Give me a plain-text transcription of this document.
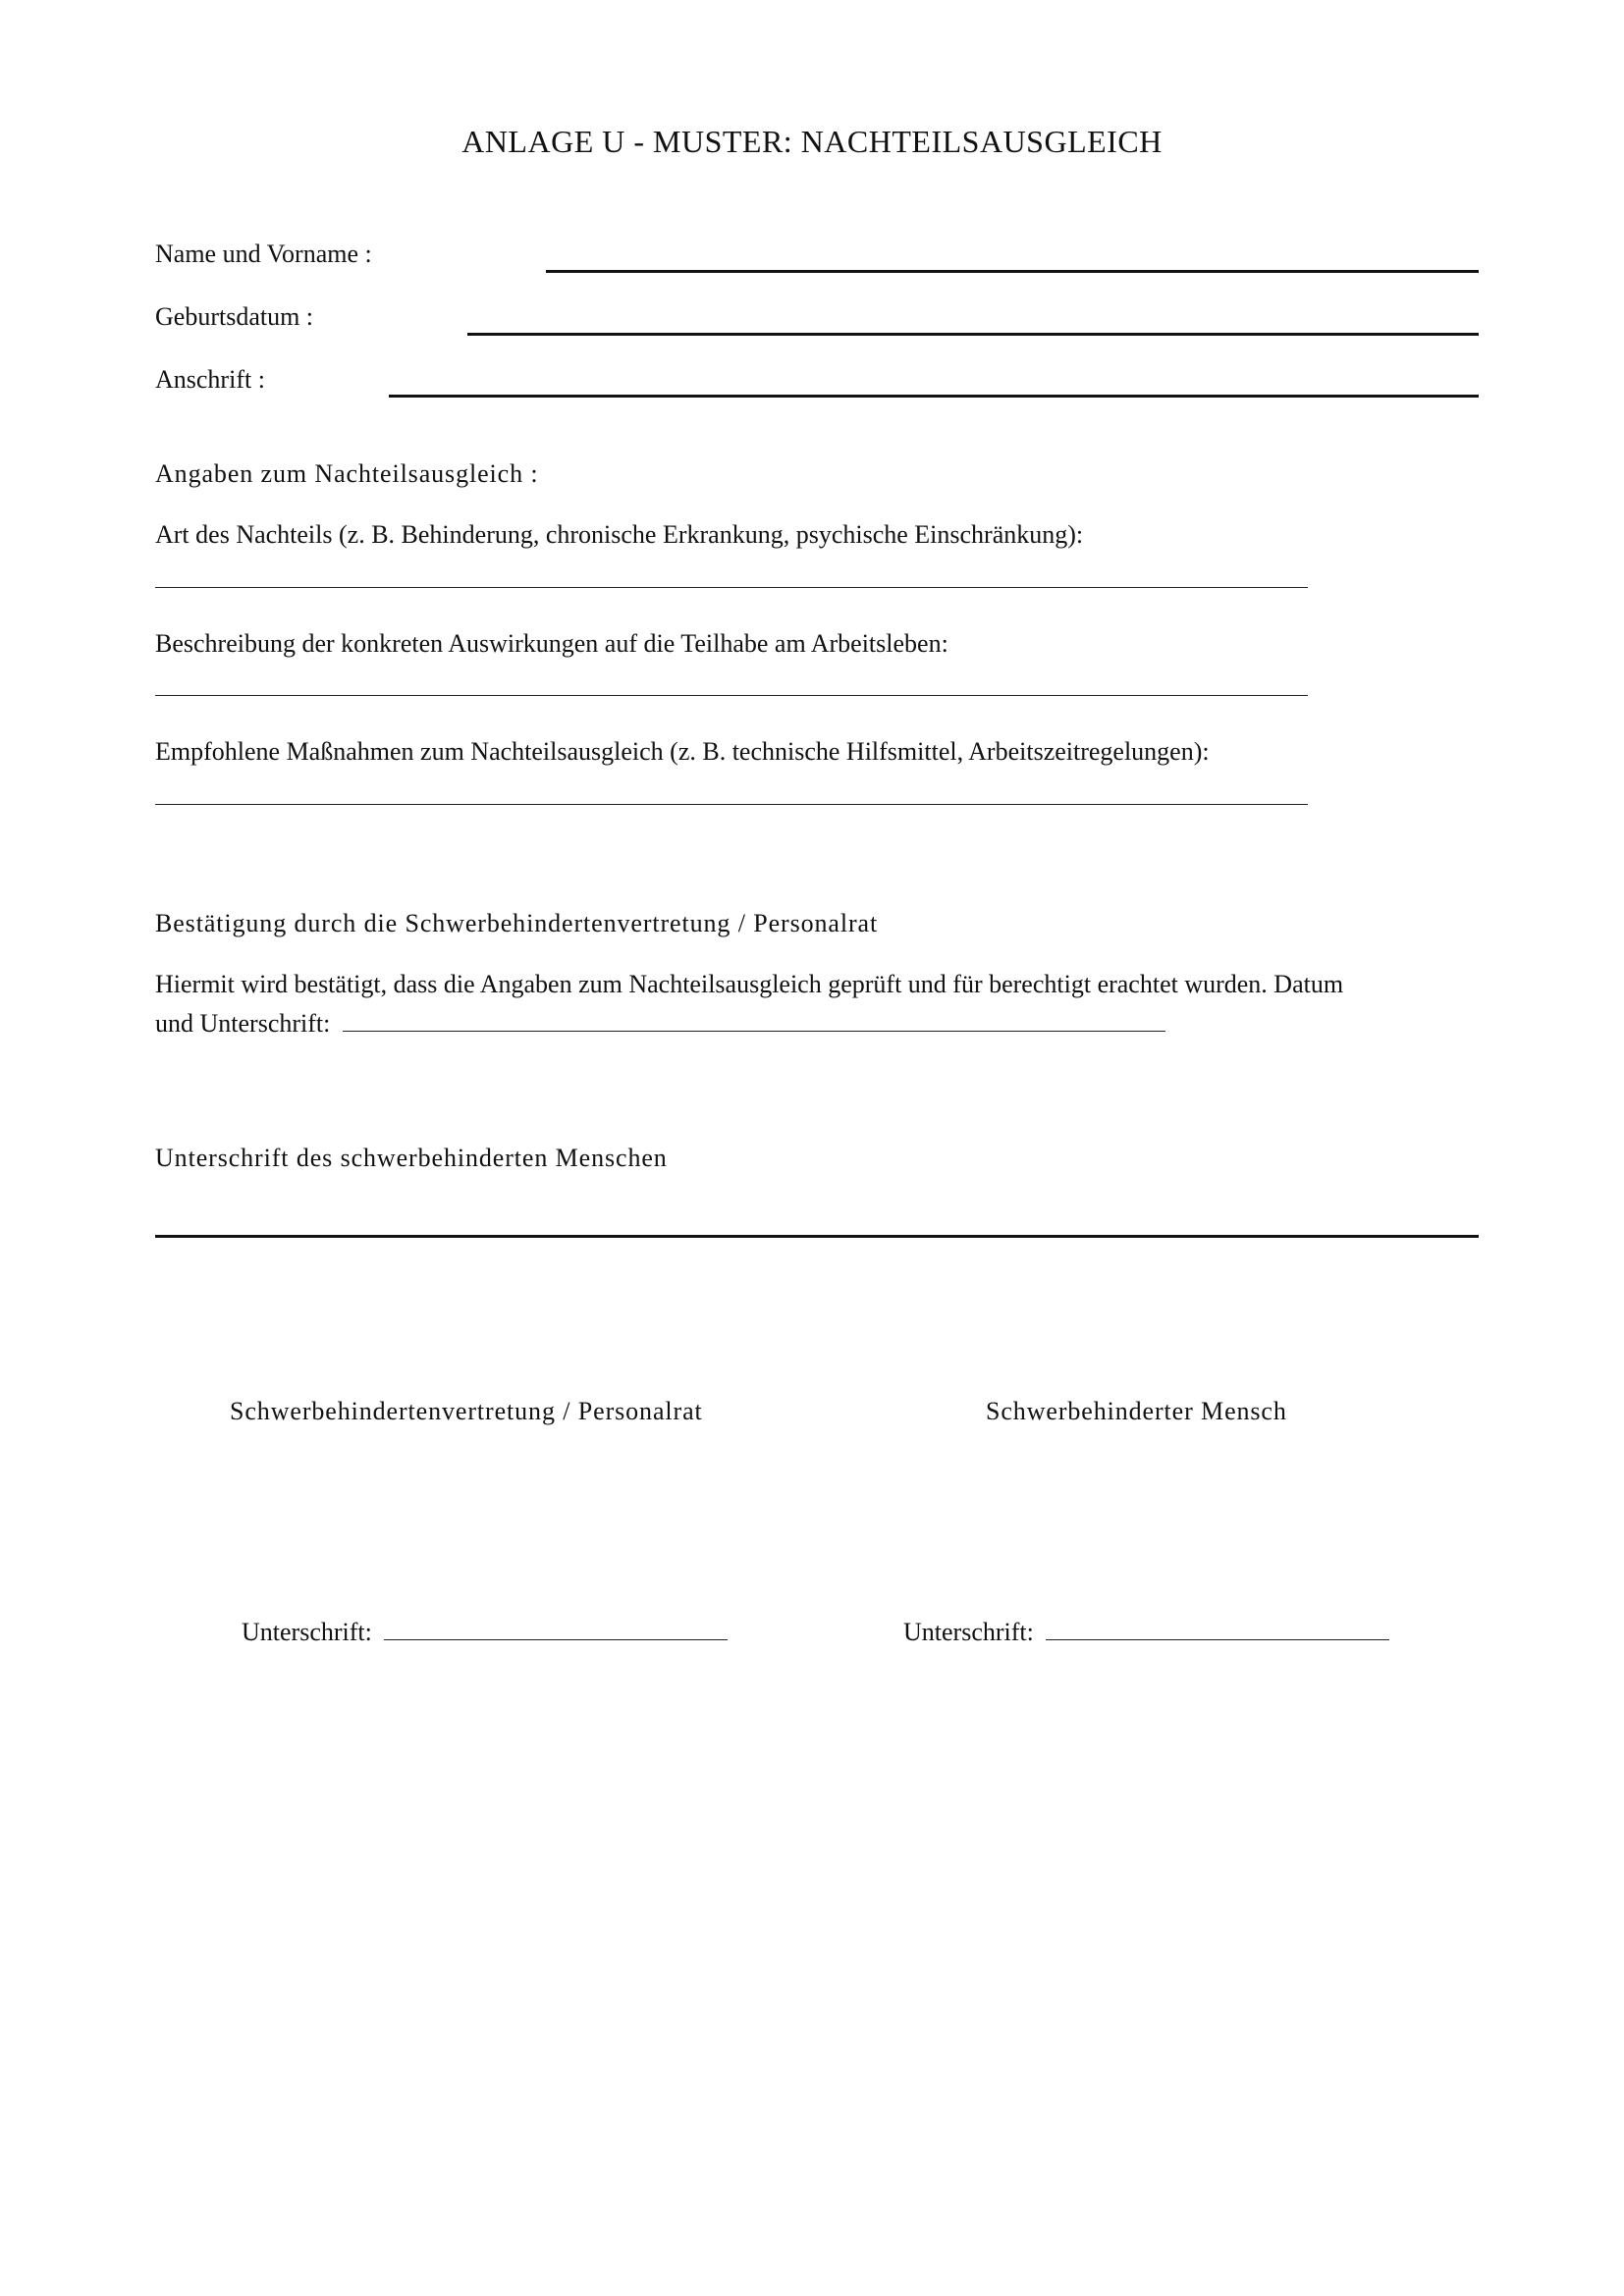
ANLAGE U - MUSTER: NACHTEILSAUSGLEICH
Name und Vorname :
Geburtsdatum :
Anschrift :
Angaben zum Nachteilsausgleich :
Art des Nachteils (z. B. Behinderung, chronische Erkrankung, psychische Einschränkung):
Beschreibung der konkreten Auswirkungen auf die Teilhabe am Arbeitsleben:
Empfohlene Maßnahmen zum Nachteilsausgleich (z. B. technische Hilfsmittel, Arbeitszeitregelungen):
Bestätigung durch die Schwerbehindertenvertretung / Personalrat
Hiermit wird bestätigt, dass die Angaben zum Nachteilsausgleich geprüft und für berechtigt erachtet wurden. Datum
und Unterschrift:
Unterschrift des schwerbehinderten Menschen
Schwerbehindertenvertretung / Personalrat	Schwerbehinderter Mensch
Unterschrift:	Unterschrift:
